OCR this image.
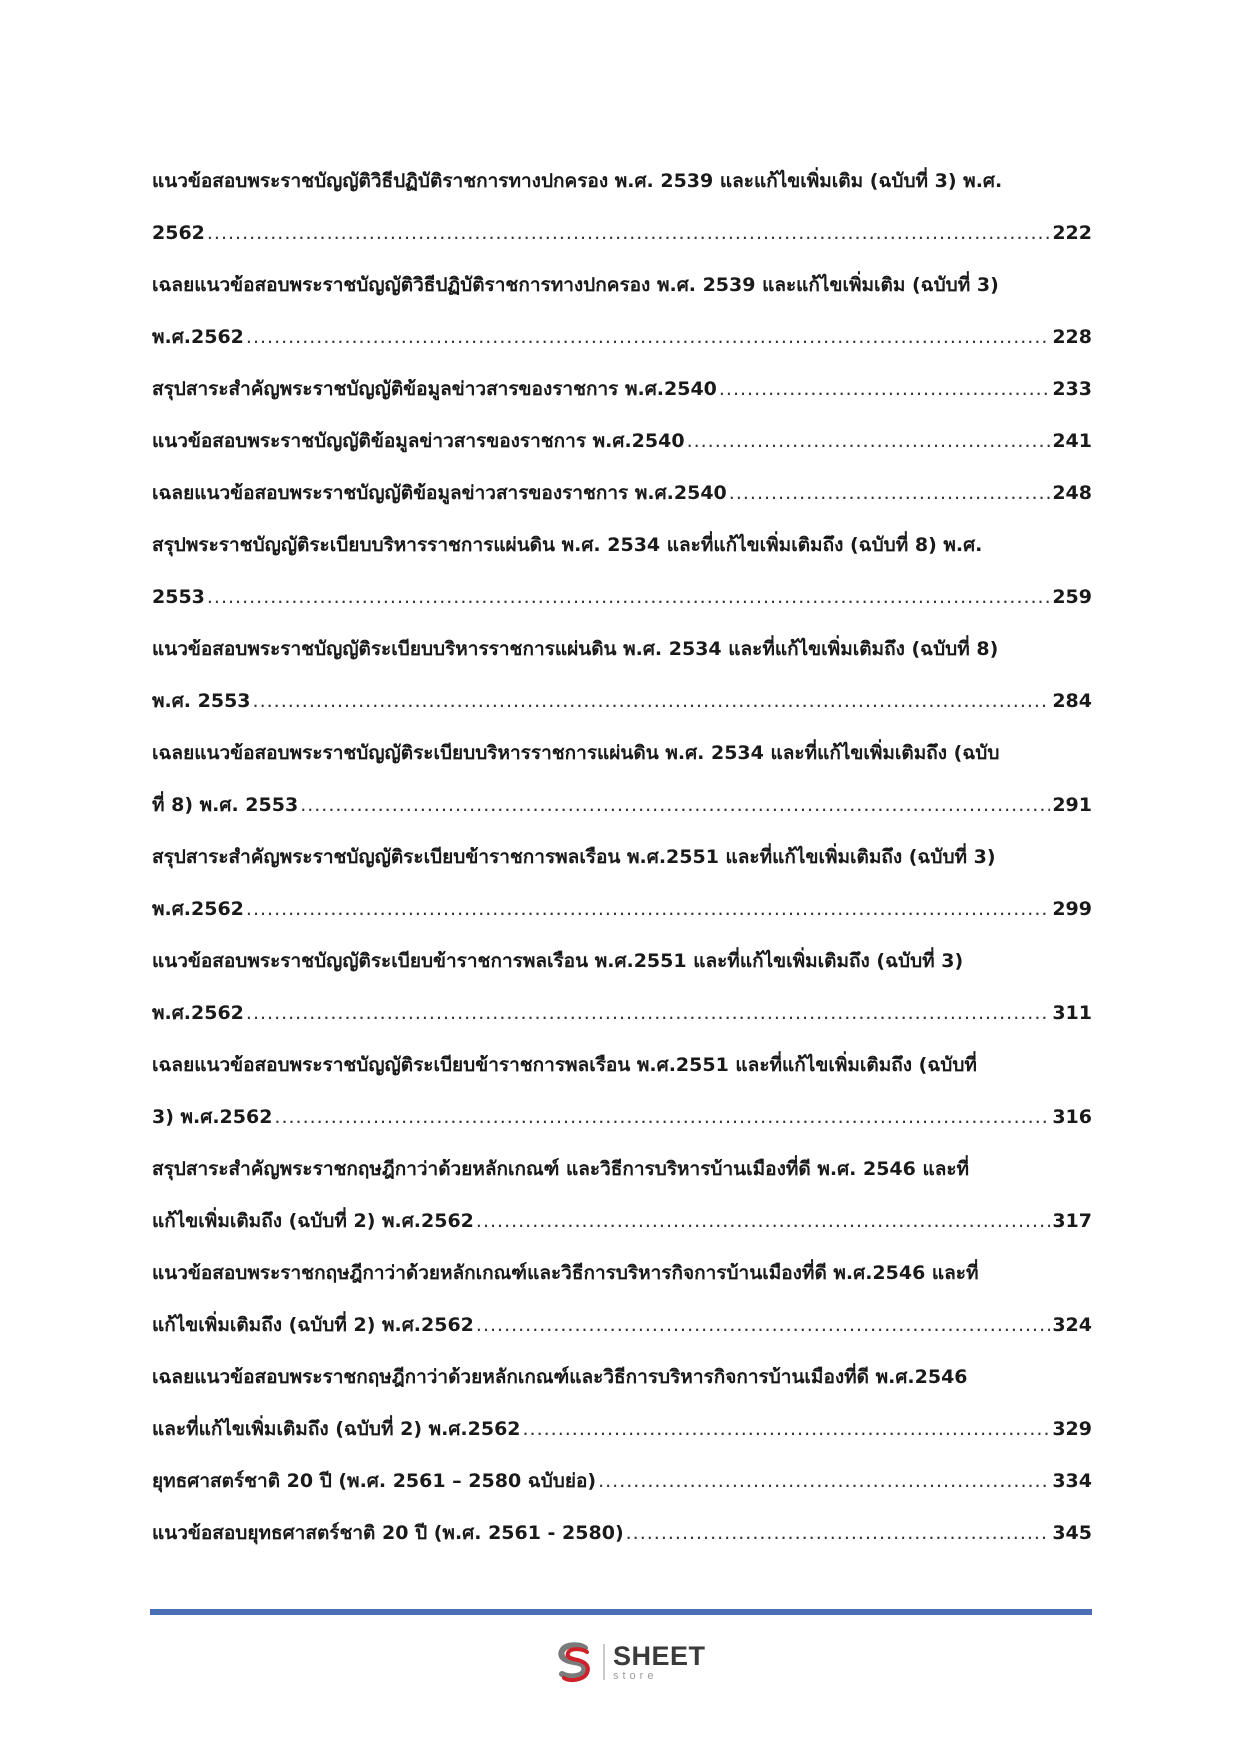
แนวข้อสอบพระราชบัญญัติวิธีปฏิบัติราชการทางปกครอง พ.ศ. 2539 และแก้ไขเพิ่มเติม (ฉบับที่ 3) พ.ศ.
2562 .....	222
เฉลยแนวข้อสอบพระราชบัญญัติวิธีปฏิบัติราชการทางปกครอง พ.ศ. 2539 และแก้ไขเพิ่มเติม (ฉบับที่ 3)
พ.ศ.2562 .....	228
สรุปสาระสำคัญพระราชบัญญัติข้อมูลข่าวสารของราชการ พ.ศ.2540 .....	233
แนวข้อสอบพระราชบัญญัติข้อมูลข่าวสารของราชการ พ.ศ.2540 .....	241
เฉลยแนวข้อสอบพระราชบัญญัติข้อมูลข่าวสารของราชการ พ.ศ.2540 .....	248
สรุปพระราชบัญญัติระเบียบบริหารราชการแผ่นดิน พ.ศ. 2534 และที่แก้ไขเพิ่มเติมถึง (ฉบับที่ 8) พ.ศ.
2553 .....	259
แนวข้อสอบพระราชบัญญัติระเบียบบริหารราชการแผ่นดิน พ.ศ. 2534 และที่แก้ไขเพิ่มเติมถึง (ฉบับที่ 8)
พ.ศ. 2553 .....	284
เฉลยแนวข้อสอบพระราชบัญญัติระเบียบบริหารราชการแผ่นดิน พ.ศ. 2534 และที่แก้ไขเพิ่มเติมถึง (ฉบับ
ที่ 8) พ.ศ. 2553 .....	291
สรุปสาระสำคัญพระราชบัญญัติระเบียบข้าราชการพลเรือน พ.ศ.2551 และที่แก้ไขเพิ่มเติมถึง (ฉบับที่ 3)
พ.ศ.2562 .....	299
แนวข้อสอบพระราชบัญญัติระเบียบข้าราชการพลเรือน พ.ศ.2551 และที่แก้ไขเพิ่มเติมถึง (ฉบับที่ 3)
พ.ศ.2562 .....	311
เฉลยแนวข้อสอบพระราชบัญญัติระเบียบข้าราชการพลเรือน พ.ศ.2551 และที่แก้ไขเพิ่มเติมถึง (ฉบับที่
3) พ.ศ.2562 .....	316
สรุปสาระสำคัญพระราชกฤษฎีกาว่าด้วยหลักเกณฑ์ และวิธีการบริหารบ้านเมืองที่ดี พ.ศ. 2546 และที่
แก้ไขเพิ่มเติมถึง (ฉบับที่ 2) พ.ศ.2562 .....	317
แนวข้อสอบพระราชกฤษฎีกาว่าด้วยหลักเกณฑ์และวิธีการบริหารกิจการบ้านเมืองที่ดี พ.ศ.2546 และที่
แก้ไขเพิ่มเติมถึง (ฉบับที่ 2) พ.ศ.2562 .....	324
เฉลยแนวข้อสอบพระราชกฤษฎีกาว่าด้วยหลักเกณฑ์และวิธีการบริหารกิจการบ้านเมืองที่ดี พ.ศ.2546
และที่แก้ไขเพิ่มเติมถึง (ฉบับที่ 2) พ.ศ.2562 .....	329
ยุทธศาสตร์ชาติ 20 ปี (พ.ศ. 2561 – 2580 ฉบับย่อ) .....	334
แนวข้อสอบยุทธศาสตร์ชาติ 20 ปี (พ.ศ. 2561 - 2580) .....	345
SHEET
store
